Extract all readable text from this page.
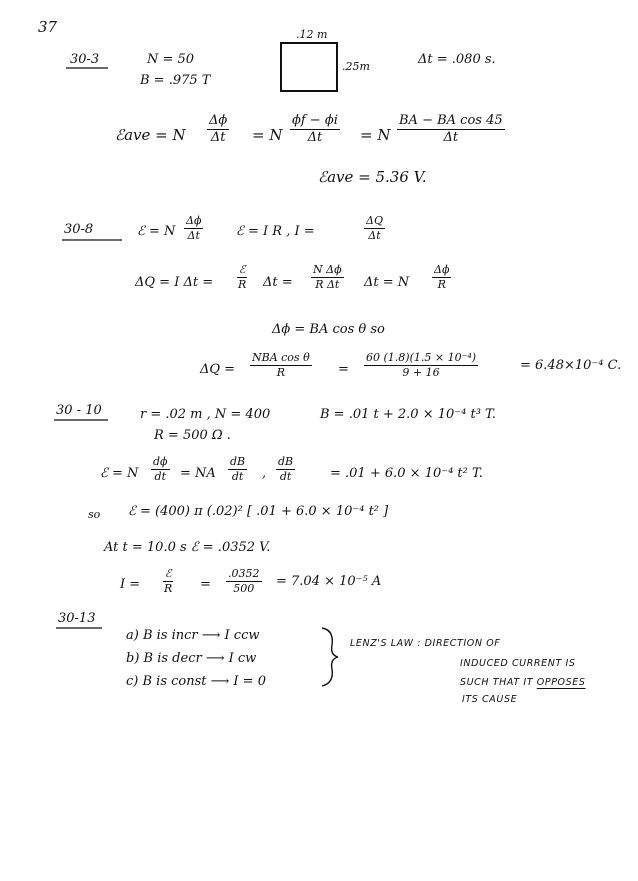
37
30-3	N = 50
B = .975 T
.12 m
.25m	Δt = .080 s.
ℰave = N $\frac{\Delta\phi}{\Delta t} = N \frac{\phi f - \phi i}{\Delta t} = N \frac{\text{BA − BA cos 45}}{\Delta t}$
ℰave = 5.36 V.
30-8	ℰ = N $\frac{\Delta\phi}{\Delta t}$	ℰ = I R , I =	$\frac{\Delta Q}{\Delta t}$
ΔQ = I Δt =
ℰ
R $\Delta t = \frac{\text{N Δϕ}}{\text{R Δt}}$ Δt = N $\frac{\Delta\phi}{R}$
Δϕ = BA cos θ so
ΔQ =
NBA cos θ
R	= $\frac{\text{60 (1.8)(1.5 × 10⁻⁴)}}{9 + 16}$	= 6.48×10⁻⁴ C.
30 - 10	r = .02 m , N = 400
R = 500 Ω .
B = .01 t + 2.0 × 10⁻⁴ t³ T.
ℰ = N $\frac{d\phi}{dt}$ = NA $\frac{dB}{dt}$ , $\frac{dB}{dt}$	= .01 + 6.0 × 10⁻⁴ t² T.
so ℰ = (400) π (.02)² [ .01 + 6.0 × 10⁻⁴ t² ]
At t = 10.0 s ℰ = .0352 V.
I =
ℰ
$R = \frac{.0352}{500} = 7.04 \times 10^{-5}$ A
30-13
a) B is incr ⟶ I ccw
b) B is decr ⟶ I cw
c) B is const ⟶ I = 0
LENZ'S LAW : DIRECTION OF
INDUCED CURRENT IS
SUCH THAT IT OPPOSES
ITS CAUSE
